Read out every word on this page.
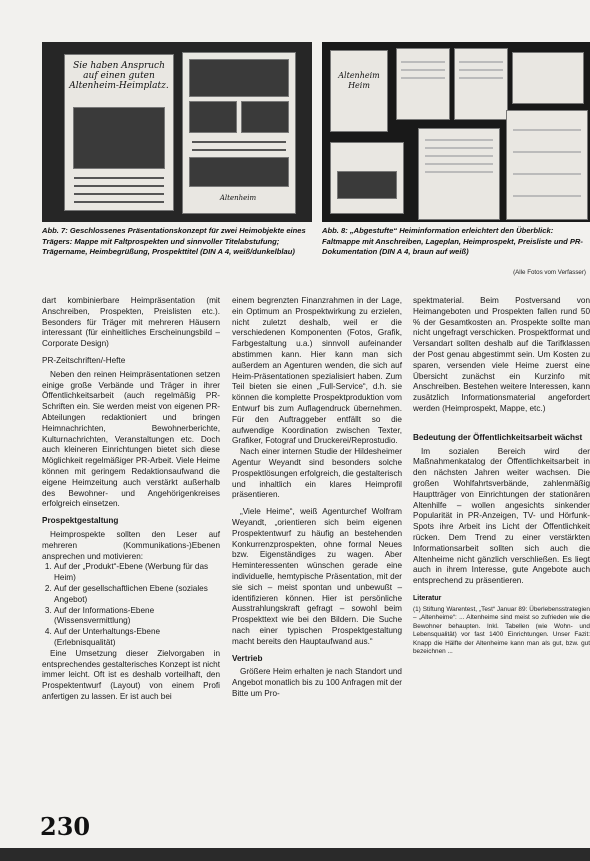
Sie haben Anspruch auf einen guten Altenheim-Heimplatz.
Altenheim
Altenheim Heim
Abb. 7: Geschlossenes Präsentationskonzept für zwei Heimobjekte eines Trägers: Mappe mit Faltprospekten und sinnvoller Titelabstufung; Trägername, Heimbegrüßung, Prospekttitel (DIN A 4, weiß/dunkelblau)
Abb. 8: „Abgestufte“ Heiminformation erleichtert den Überblick: Faltmappe mit Anschreiben, Lageplan, Heimprospekt, Preisliste und PR-Dokumentation (DIN A 4, braun auf weiß)
(Alle Fotos vom Verfasser)

dart kombinierbare Heimpräsentation (mit Anschreiben, Prospekten, Preislisten etc.). Besonders für Träger mit mehreren Häusern interessant (für einheitliches Erscheinungsbild – Corporate Design)

PR-Zeitschriften/-Hefte

Neben den reinen Heimpräsentationen setzen einige große Verbände und Träger in ihrer Öffentlichkeitsarbeit (auch regelmäßig PR-Schriften ein. Sie werden meist von eigenen PR-Abteilungen redaktioniert und bringen Heimnachrichten, Bewohnerberichte, Kulturnachrichten, Veranstaltungen etc. Doch auch kleineren Einrichtungen bietet sich diese Möglichkeit regelmäßiger PR-Arbeit. Viele Heime können mit geringem Redaktionsaufwand die eigene Heimzeitung auch verstärkt außerhalb des Bewohner- und Angehörigenkreises erfolgreich einsetzen.

Prospektgestaltung

Heimprospekte sollten den Leser auf mehreren (Kommunikations-)Ebenen ansprechen und motivieren:

1. Auf der „Produkt“-Ebene (Werbung für das Heim)
2. Auf der gesellschaftlichen Ebene (soziales Angebot)
3. Auf der Informations-Ebene (Wissensvermittlung)
4. Auf der Unterhaltungs-Ebene (Erlebnisqualität)

Eine Umsetzung dieser Zielvorgaben in entsprechendes gestalterisches Konzept ist nicht immer leicht. Oft ist es deshalb vorteilhaft, den Prospektentwurf (Layout) von einem Profi anfertigen zu lassen. Er ist auch bei

einem begrenzten Finanzrahmen in der Lage, ein Optimum an Prospektwirkung zu erzielen, nicht zuletzt deshalb, weil er die verschiedenen Komponenten (Fotos, Grafik, Farbgestaltung u.a.) sinnvoll aufeinander abstimmen kann. Hier kann man sich außerdem an Agenturen wenden, die sich auf Heim-Präsentationen spezialisiert haben. Zum Teil bieten sie einen „Full-Service“, d.h. sie können die komplette Prospektproduktion vom Entwurf bis zum Auflagendruck übernehmen. Für den Auftraggeber entfällt so die aufwendige Koordination zwischen Texter, Grafiker, Fotograf und Druckerei/Reprostudio.

Nach einer internen Studie der Hildesheimer Agentur Weyandt sind besonders solche Prospektlösungen erfolgreich, die gestalterisch und inhaltlich ein klares Heimprofil präsentieren.

„Viele Heime“, weiß Agenturchef Wolfram Weyandt, „orientieren sich beim eigenen Prospektentwurf zu häufig an bestehenden Konkurrenzprospekten, ohne formal Neues bzw. Eigenständiges zu wagen. Aber Heminteressenten wünschen gerade eine individuelle, hemtypische Präsentation, mit der sie sich – meist spontan und unbewußt – identifizieren können. Hier ist persönliche Ausstrahlungskraft gefragt – sowohl beim Prospekttext wie bei den Bildern. Die Suche nach einer typischen Prospektgestaltung macht bereits den Hauptaufwand aus.“

Vertrieb

Größere Heim erhalten je nach Standort und Angebot monatlich bis zu 100 Anfragen mit der Bitte um Pro-

spektmaterial. Beim Postversand von Heimangeboten und Prospekten fallen rund 50 % der Gesamtkosten an. Prospekte sollte man nicht ungefragt verschicken. Prospektformat und Versandart sollten deshalb auf die Tarifklassen der Post genau abgestimmt sein. Um Kosten zu sparen, versenden viele Heime zuerst eine Übersicht zunächst ein Kurzinfo mit Anschreiben. Bestehen weitere Interessen, kann zusätzlich Informationsmaterial angefordert werden (Heimprospekt, Mappe, etc.)

Bedeutung der Öffentlichkeitsarbeit wächst

Im sozialen Bereich wird der Maßnahmenkatalog der Öffentlichkeitsarbeit in den nächsten Jahren weiter wachsen. Die großen Wohlfahrtsverbände, zahlenmäßig Hauptträger von Einrichtungen der stationären Altenhilfe – wollen angesichts sinkender Popularität in PR-Anzeigen, TV- und Hörfunk-Spots ihre Arbeit ins Licht der Öffentlichkeit rücken. Dem Trend zu einer verstärkten Informationsarbeit sollten sich auch die Altenheime nicht gänzlich verschließen. Es liegt auch in ihrem Interesse, gute Angebote auch entsprechend zu präsentieren.

Literatur

(1) Stiftung Warentest, „Test“ Januar 89: Überlebensstrategien – „Altenheime“: ... Altenheime sind meist so zufrieden wie die Bewohner behaupten. Inkl. Tabellen (wie Wohn- und Lebensqualität) vor fast 1400 Einrichtungen. Unser Fazit: Knapp die Hälfte der Altenheime kann man als gut, bzw. gut bezeichnen ...

230
